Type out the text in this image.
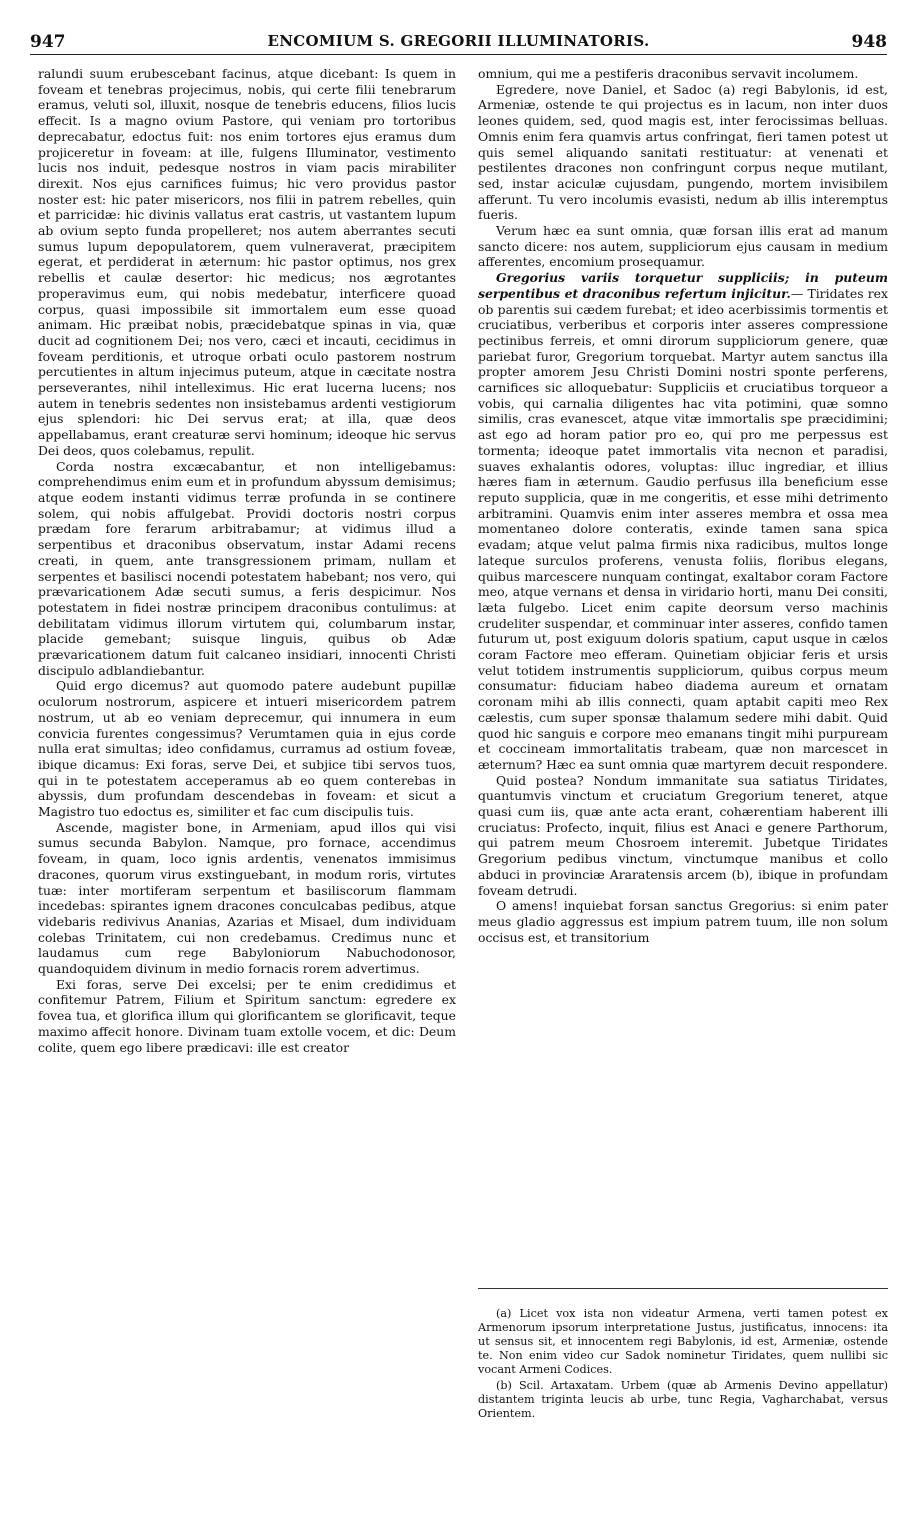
947	ENCOMIUM S. GREGORII ILLUMINATORIS.	948

ralundi suum erubescebant facinus, atque dicebant: Is quem in foveam et tenebras projecimus, nobis, qui certe filii tenebrarum eramus, veluti sol, illuxit, nosque de tenebris educens, filios lucis effecit. Is a magno ovium Pastore, qui veniam pro tortoribus deprecabatur, edoctus fuit: nos enim tortores ejus eramus dum projiceretur in foveam: at ille, fulgens Illuminator, vestimento lucis nos induit, pedesque nostros in viam pacis mirabiliter direxit. Nos ejus carnifices fuimus; hic vero providus pastor noster est: hic pater misericors, nos filii in patrem rebelles, quin et parricidæ: hic divinis vallatus erat castris, ut vastantem lupum ab ovium septo funda propelleret; nos autem aberrantes secuti sumus lupum depopulatorem, quem vulneraverat, præcipitem egerat, et perdiderat in æternum: hic pastor optimus, nos grex rebellis et caulæ desertor: hic medicus; nos ægrotantes properavimus eum, qui nobis medebatur, interficere quoad corpus, quasi impossibile sit immortalem eum esse quoad animam. Hic præibat nobis, præcidebatque spinas in via, quæ ducit ad cognitionem Dei; nos vero, cæci et incauti, cecidimus in foveam perditionis, et utroque orbati oculo pastorem nostrum percutientes in altum injecimus puteum, atque in cæcitate nostra perseverantes, nihil intelleximus. Hic erat lucerna lucens; nos autem in tenebris sedentes non insistebamus ardenti vestigiorum ejus splendori: hic Dei servus erat; at illa, quæ deos appellabamus, erant creaturæ servi hominum; ideoque hic servus Dei deos, quos colebamus, repulit.

Corda nostra excæcabantur, et non intelligebamus: comprehendimus enim eum et in profundum abyssum demisimus; atque eodem instanti vidimus terræ profunda in se continere solem, qui nobis affulgebat. Providi doctoris nostri corpus prædam fore ferarum arbitrabamur; at vidimus illud a serpentibus et draconibus observatum, instar Adami recens creati, in quem, ante transgressionem primam, nullam et serpentes et basilisci nocendi potestatem habebant; nos vero, qui prævaricationem Adæ secuti sumus, a feris despicimur. Nos potestatem in fidei nostræ principem draconibus contulimus: at debilitatam vidimus illorum virtutem qui, columbarum instar, placide gemebant; suisque linguis, quibus ob Adæ prævaricationem datum fuit calcaneo insidiari, innocenti Christi discipulo adblandiebantur.

Quid ergo dicemus? aut quomodo patere audebunt pupillæ oculorum nostrorum, aspicere et intueri misericordem patrem nostrum, ut ab eo veniam deprecemur, qui innumera in eum convicia furentes congessimus? Verumtamen quia in ejus corde nulla erat simultas; ideo confidamus, curramus ad ostium foveæ, ibique dicamus: Exi foras, serve Dei, et subjice tibi servos tuos, qui in te potestatem acceperamus ab eo quem conterebas in abyssis, dum profundam descendebas in foveam: et sicut a Magistro tuo edoctus es, similiter et fac cum discipulis tuis.

Ascende, magister bone, in Armeniam, apud illos qui visi sumus secunda Babylon. Namque, pro fornace, accendimus foveam, in quam, loco ignis ardentis, venenatos immisimus dracones, quorum virus exstinguebant, in modum roris, virtutes tuæ: inter mortiferam serpentum et basiliscorum flammam incedebas: spirantes ignem dracones conculcabas pedibus, atque videbaris redivivus Ananias, Azarias et Misael, dum individuam colebas Trinitatem, cui non credebamus. Credimus nunc et laudamus cum rege Babyloniorum Nabuchodonosor, quandoquidem divinum in medio fornacis rorem advertimus.

Exi foras, serve Dei excelsi; per te enim credidimus et confitemur Patrem, Filium et Spiritum sanctum: egredere ex fovea tua, et glorifica illum qui glorificantem se glorificavit, teque maximo affecit honore. Divinam tuam extolle vocem, et dic: Deum colite, quem ego libere prædicavi: ille est creator

omnium, qui me a pestiferis draconibus servavit incolumem.

Egredere, nove Daniel, et Sadoc (a) regi Babylonis, id est, Armeniæ, ostende te qui projectus es in lacum, non inter duos leones quidem, sed, quod magis est, inter ferocissimas belluas. Omnis enim fera quamvis artus confringat, fieri tamen potest ut quis semel aliquando sanitati restituatur: at venenati et pestilentes dracones non confringunt corpus neque mutilant, sed, instar aciculæ cujusdam, pungendo, mortem invisibilem afferunt. Tu vero incolumis evasisti, nedum ab illis interemptus fueris.

Verum hæc ea sunt omnia, quæ forsan illis erat ad manum sancto dicere: nos autem, suppliciorum ejus causam in medium afferentes, encomium prosequamur.

Gregorius variis torquetur suppliciis; in puteum serpentibus et draconibus refertum injicitur.— Tiridates rex ob parentis sui cædem furebat; et ideo acerbissimis tormentis et cruciatibus, verberibus et corporis inter asseres compressione pectinibus ferreis, et omni dirorum suppliciorum genere, quæ pariebat furor, Gregorium torquebat. Martyr autem sanctus illa propter amorem Jesu Christi Domini nostri sponte perferens, carnifices sic alloquebatur: Suppliciis et cruciatibus torqueor a vobis, qui carnalia diligentes hac vita potimini, quæ somno similis, cras evanescet, atque vitæ immortalis spe præcidimini; ast ego ad horam patior pro eo, qui pro me perpessus est tormenta; ideoque patet immortalis vita necnon et paradisi, suaves exhalantis odores, voluptas: illuc ingrediar, et illius hæres fiam in æternum. Gaudio perfusus illa beneficium esse reputo supplicia, quæ in me congeritis, et esse mihi detrimento arbitramini. Quamvis enim inter asseres membra et ossa mea momentaneo dolore conteratis, exinde tamen sana spica evadam; atque velut palma firmis nixa radicibus, multos longe lateque surculos proferens, venusta foliis, floribus elegans, quibus marcescere nunquam contingat, exaltabor coram Factore meo, atque vernans et densa in viridario horti, manu Dei consiti, læta fulgebo. Licet enim capite deorsum verso machinis crudeliter suspendar, et comminuar inter asseres, confido tamen futurum ut, post exiguum doloris spatium, caput usque in cælos coram Factore meo efferam. Quinetiam objiciar feris et ursis velut totidem instrumentis suppliciorum, quibus corpus meum consumatur: fiduciam habeo diadema aureum et ornatam coronam mihi ab illis connecti, quam aptabit capiti meo Rex cælestis, cum super sponsæ thalamum sedere mihi dabit. Quid quod hic sanguis e corpore meo emanans tingit mihi purpuream et coccineam immortalitatis trabeam, quæ non marcescet in æternum? Hæc ea sunt omnia quæ martyrem decuit respondere.

Quid postea? Nondum immanitate sua satiatus Tiridates, quantumvis vinctum et cruciatum Gregorium teneret, atque quasi cum iis, quæ ante acta erant, cohærentiam haberent illi cruciatus: Profecto, inquit, filius est Anaci e genere Parthorum, qui patrem meum Chosroem interemit. Jubetque Tiridates Gregorium pedibus vinctum, vinctumque manibus et collo abduci in provinciæ Araratensis arcem (b), ibique in profundam foveam detrudi.

O amens! inquiebat forsan sanctus Gregorius: si enim pater meus gladio aggressus est impium patrem tuum, ille non solum occisus est, et transitorium

(a) Licet vox ista non videatur Armena, verti tamen potest ex Armenorum ipsorum interpretatione Justus, justificatus, innocens: ita ut sensus sit, et innocentem regi Babylonis, id est, Armeniæ, ostende te. Non enim video cur Sadok nominetur Tiridates, quem nullibi sic vocant Armeni Codices.

(b) Scil. Artaxatam. Urbem (quæ ab Armenis Devino appellatur) distantem triginta leucis ab urbe, tunc Regia, Vagharchabat, versus Orientem.
